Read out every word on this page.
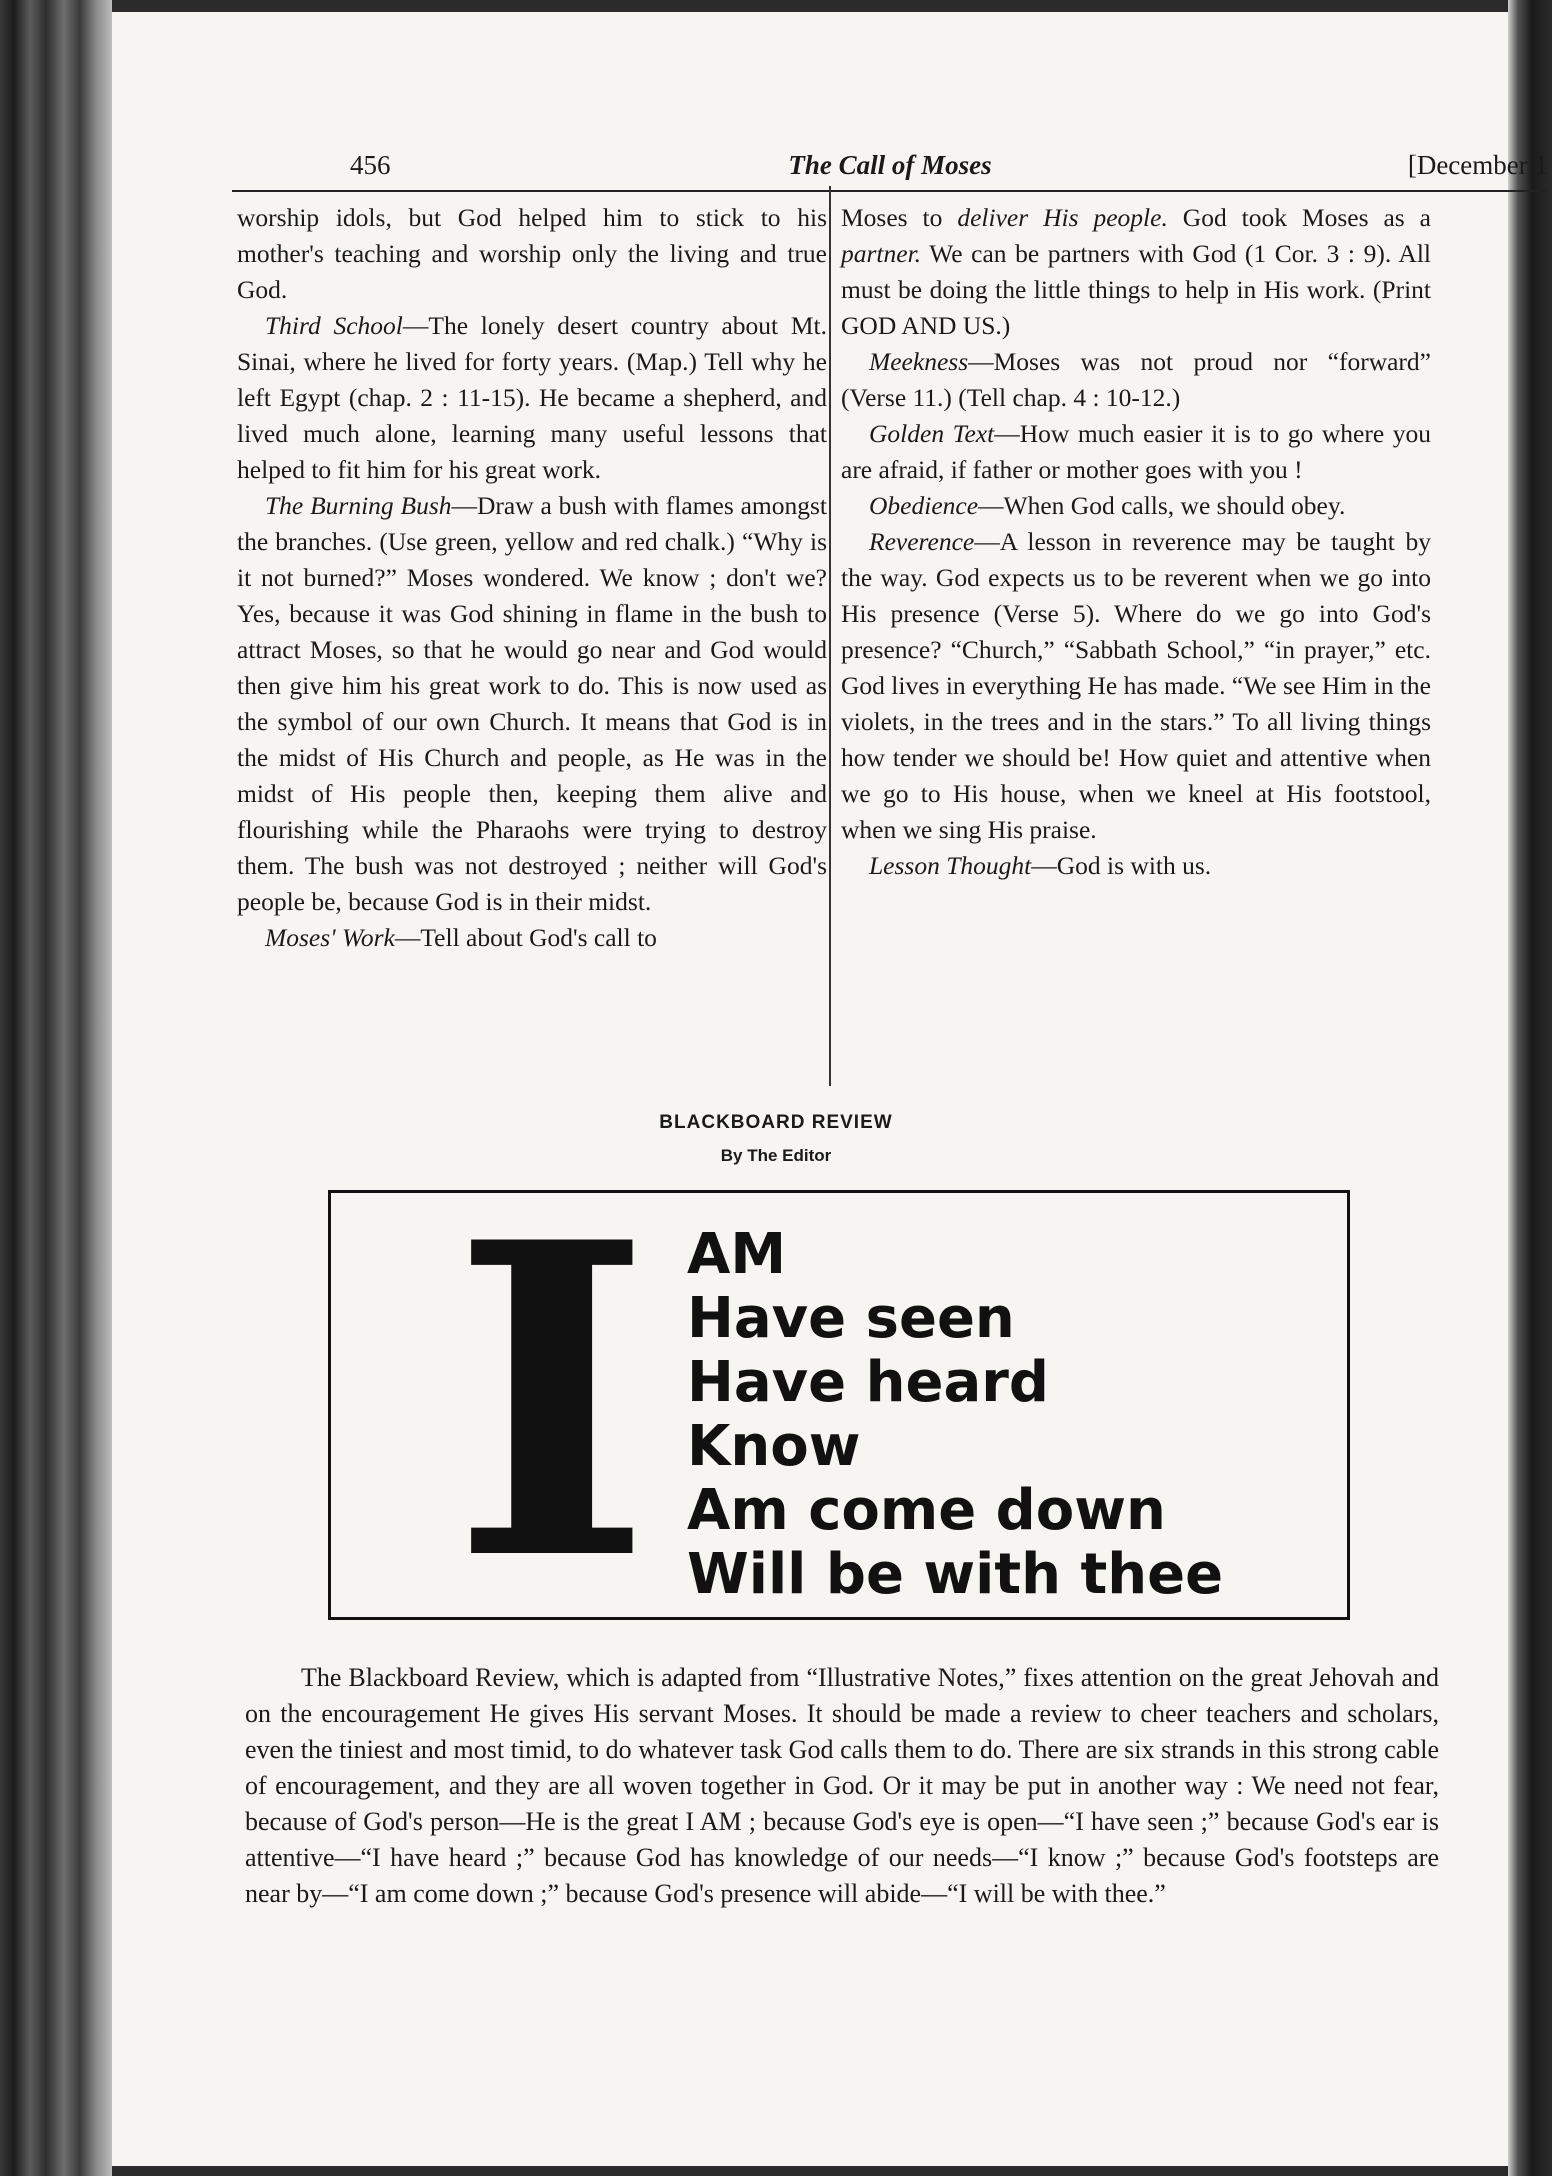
456	The Call of Moses	[December 1

worship idols, but God helped him to stick to his mother's teaching and worship only the living and true God.

Third School—The lonely desert country about Mt. Sinai, where he lived for forty years. (Map.) Tell why he left Egypt (chap. 2 : 11-15). He became a shepherd, and lived much alone, learning many useful lessons that helped to fit him for his great work.

The Burning Bush—Draw a bush with flames amongst the branches. (Use green, yellow and red chalk.) “Why is it not burned?” Moses wondered. We know ; don't we? Yes, because it was God shining in flame in the bush to attract Moses, so that he would go near and God would then give him his great work to do. This is now used as the symbol of our own Church. It means that God is in the midst of His Church and people, as He was in the midst of His people then, keeping them alive and flourishing while the Pharaohs were trying to destroy them. The bush was not destroyed ; neither will God's people be, because God is in their midst.

Moses' Work—Tell about God's call to

Moses to deliver His people. God took Moses as a partner. We can be partners with God (1 Cor. 3 : 9). All must be doing the little things to help in His work. (Print GOD AND US.)

Meekness—Moses was not proud nor “forward” (Verse 11.) (Tell chap. 4 : 10-12.)

Golden Text—How much easier it is to go where you are afraid, if father or mother goes with you !

Obedience—When God calls, we should obey.

Reverence—A lesson in reverence may be taught by the way. God expects us to be reverent when we go into His presence (Verse 5). Where do we go into God's presence? “Church,” “Sabbath School,” “in prayer,” etc. God lives in everything He has made. “We see Him in the violets, in the trees and in the stars.” To all living things how tender we should be! How quiet and attentive when we go to His house, when we kneel at His footstool, when we sing His praise.

Lesson Thought—God is with us.

BLACKBOARD REVIEW
By The Editor
I AM
Have seen
Have heard
Know
Am come down
Will be with thee

The Blackboard Review, which is adapted from “Illustrative Notes,” fixes attention on the great Jehovah and on the encouragement He gives His servant Moses. It should be made a review to cheer teachers and scholars, even the tiniest and most timid, to do whatever task God calls them to do. There are six strands in this strong cable of encouragement, and they are all woven together in God. Or it may be put in another way : We need not fear, because of God's person—He is the great I AM ; because God's eye is open—“I have seen ;” because God's ear is attentive—“I have heard ;” because God has knowledge of our needs—“I know ;” because God's footsteps are near by—“I am come down ;” because God's presence will abide—“I will be with thee.”
